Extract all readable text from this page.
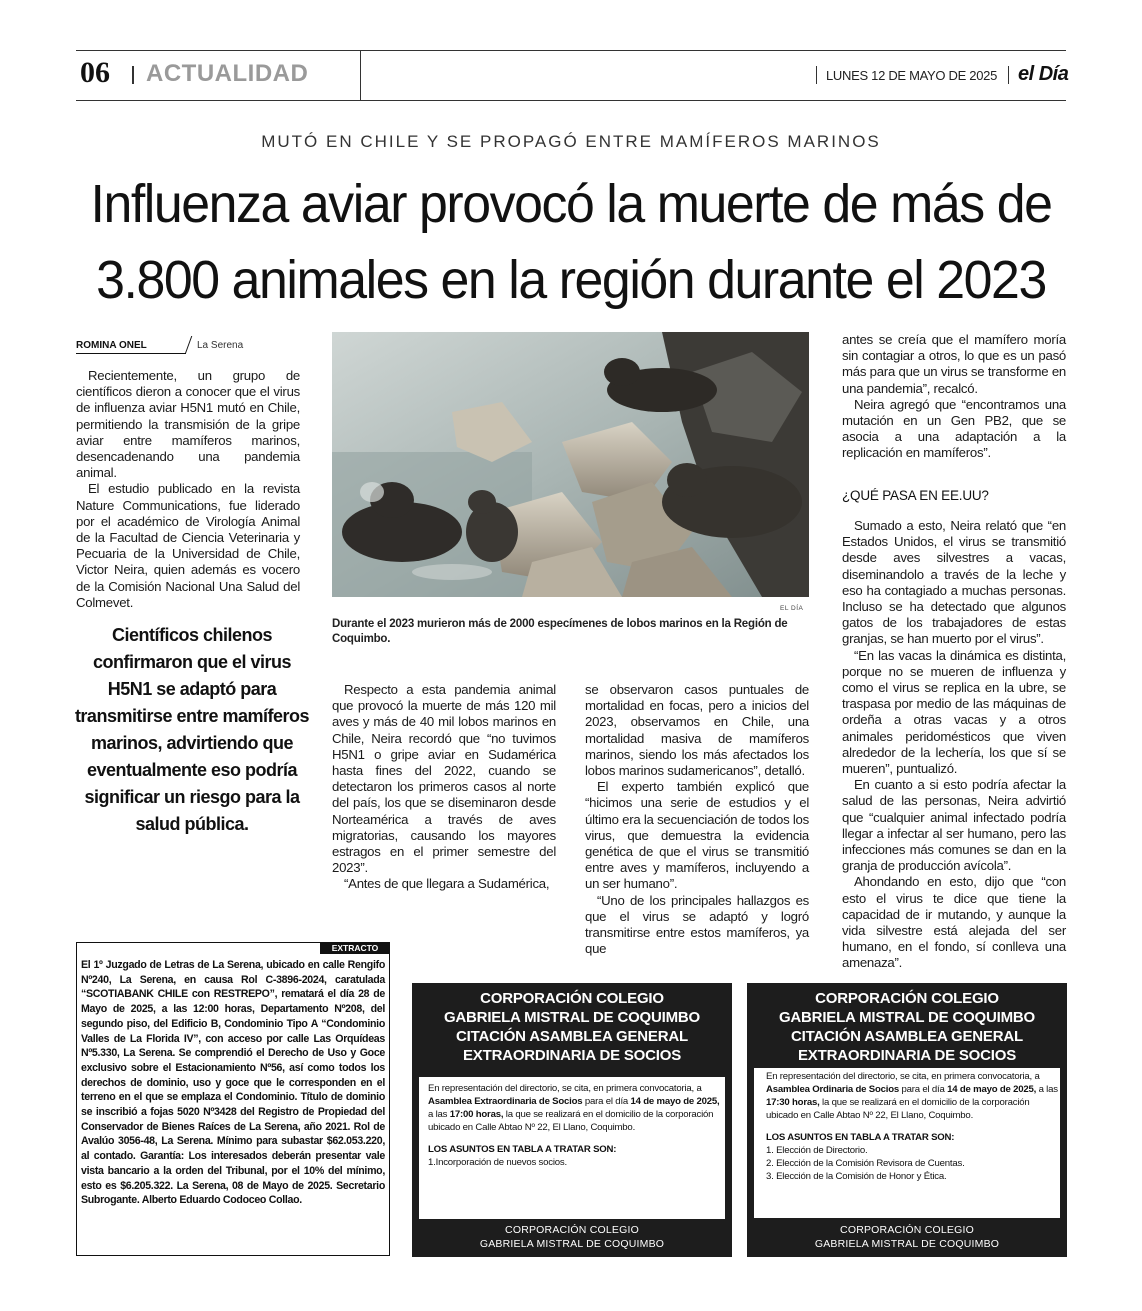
06 ACTUALIDAD	LUNES 12 DE MAYO DE 2025 el Día
MUTÓ EN CHILE Y SE PROPAGÓ ENTRE MAMÍFEROS MARINOS
Influenza aviar provocó la muerte de más de
3.800 animales en la región durante el 2023
ROMINA ONEL	La Serena

Recientemente, un grupo de científicos dieron a conocer que el virus de influenza aviar H5N1 mutó en Chile, permitiendo la transmisión de la gripe aviar entre mamíferos marinos, desencadenando una pandemia animal.

El estudio publicado en la revista Nature Communications, fue liderado por el académico de Virología Animal de la Facultad de Ciencia Veterinaria y Pecuaria de la Universidad de Chile, Victor Neira, quien además es vocero de la Comisión Nacional Una Salud del Colmevet.

Científicos chilenos confirmaron que el virus H5N1 se adaptó para transmitirse entre mamíferos marinos, advirtiendo que eventualmente eso podría significar un riesgo para la salud pública.
EL DÍA
Durante el 2023 murieron más de 2000 especímenes de lobos marinos en la Región de Coquimbo.

Respecto a esta pandemia animal que provocó la muerte de más 120 mil aves y más de 40 mil lobos marinos en Chile, Neira recordó que “no tuvimos H5N1 o gripe aviar en Sudamérica hasta fines del 2022, cuando se detectaron los primeros casos al norte del país, los que se diseminaron desde Norteamérica a través de aves migratorias, causando los mayores estragos en el primer semestre del 2023”.

“Antes de que llegara a Sudamérica,

se observaron casos puntuales de mortalidad en focas, pero a inicios del 2023, observamos en Chile, una mortalidad masiva de mamíferos marinos, siendo los más afectados los lobos marinos sudamericanos”, detalló.

El experto también explicó que “hicimos una serie de estudios y el último era la secuenciación de todos los virus, que demuestra la evidencia genética de que el virus se transmitió entre aves y mamíferos, incluyendo a un ser humano”.

“Uno de los principales hallazgos es que el virus se adaptó y logró transmitirse entre estos mamíferos, ya que

antes se creía que el mamífero moría sin contagiar a otros, lo que es un pasó más para que un virus se transforme en una pandemia”, recalcó.

Neira agregó que “encontramos una mutación en un Gen PB2, que se asocia a una adaptación a la replicación en mamíferos”.

¿QUÉ PASA EN EE.UU?

Sumado a esto, Neira relató que “en Estados Unidos, el virus se transmitió desde aves silvestres a vacas, diseminandolo a través de la leche y eso ha contagiado a muchas personas. Incluso se ha detectado que algunos gatos de los trabajadores de estas granjas, se han muerto por el virus”.

“En las vacas la dinámica es distinta, porque no se mueren de influenza y como el virus se replica en la ubre, se traspasa por medio de las máquinas de ordeña a otras vacas y a otros animales peridomésticos que viven alrededor de la lechería, los que sí se mueren”, puntualizó.

En cuanto a si esto podría afectar la salud de las personas, Neira advirtió que “cualquier animal infectado podría llegar a infectar al ser humano, pero las infecciones más comunes se dan en la granja de producción avícola”.

Ahondando en esto, dijo que “con esto el virus te dice que tiene la capacidad de ir mutando, y aunque la vida silvestre está alejada del ser humano, en el fondo, sí conlleva una amenaza”.

EXTRACTO
El 1º Juzgado de Letras de La Serena, ubicado en calle Rengifo Nº240, La Serena, en causa Rol C-3896-2024, caratulada “SCOTIABANK CHILE con RESTREPO”, rematará el día 28 de Mayo de 2025, a las 12:00 horas, Departamento Nº208, del segundo piso, del Edificio B, Condominio Tipo A “Condominio Valles de La Florida IV”, con acceso por calle Las Orquídeas Nº5.330, La Serena. Se comprendió el Derecho de Uso y Goce exclusivo sobre el Estacionamiento Nº56, así como todos los derechos de dominio, uso y goce que le corresponden en el terreno en el que se emplaza el Condominio. Título de dominio se inscribió a fojas 5020 Nº3428 del Registro de Propiedad del Conservador de Bienes Raíces de La Serena, año 2021. Rol de Avalúo 3056-48, La Serena. Mínimo para subastar $62.053.220, al contado. Garantía: Los interesados deberán presentar vale vista bancario a la orden del Tribunal, por el 10% del mínimo, esto es $6.205.322. La Serena, 08 de Mayo de 2025. Secretario Subrogante. Alberto Eduardo Codoceo Collao.
CORPORACIÓN COLEGIO
GABRIELA MISTRAL DE COQUIMBO
CITACIÓN ASAMBLEA GENERAL
EXTRAORDINARIA DE SOCIOS
En representación del directorio, se cita, en primera convocatoria, a Asamblea Extraordinaria de Socios para el día 14 de mayo de 2025, a las 17:00 horas, la que se realizará en el domicilio de la corporación ubicado en Calle Abtao Nº 22, El Llano, Coquimbo.
LOS ASUNTOS EN TABLA A TRATAR SON:
1.Incorporación de nuevos socios.
CORPORACIÓN COLEGIO
GABRIELA MISTRAL DE COQUIMBO
CORPORACIÓN COLEGIO
GABRIELA MISTRAL DE COQUIMBO
CITACIÓN ASAMBLEA GENERAL
EXTRAORDINARIA DE SOCIOS
En representación del directorio, se cita, en primera convocatoria, a Asamblea Ordinaria de Socios para el día 14 de mayo de 2025, a las 17:30 horas, la que se realizará en el domicilio de la corporación ubicado en Calle Abtao Nº 22, El Llano, Coquimbo.
LOS ASUNTOS EN TABLA A TRATAR SON:
1. Elección de Directorio.
2. Elección de la Comisión Revisora de Cuentas.
3. Elección de la Comisión de Honor y Ética.
CORPORACIÓN COLEGIO
GABRIELA MISTRAL DE COQUIMBO
